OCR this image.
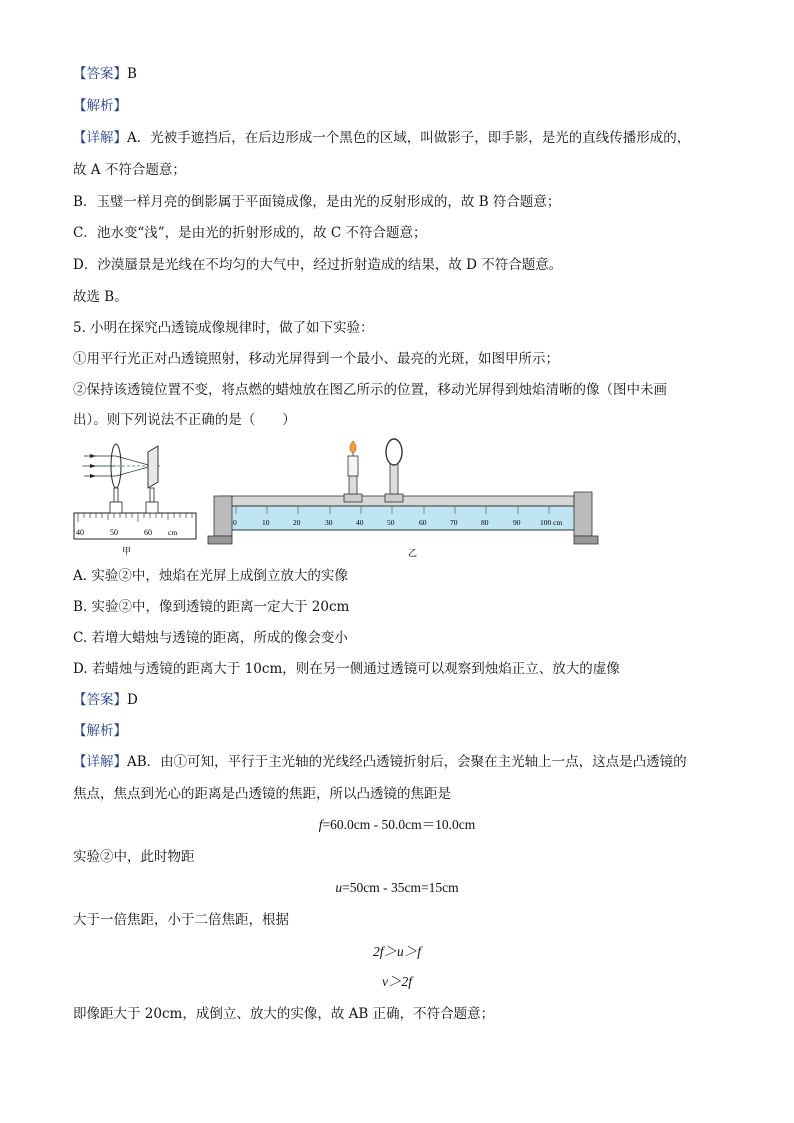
【答案】B
【解析】
【详解】A．光被手遮挡后，在后边形成一个黑色的区域，叫做影子，即手影，是光的直线传播形成的，
故 A 不符合题意；
B．玉璧一样月亮的倒影属于平面镜成像，是由光的反射形成的，故 B 符合题意；
C．池水变“浅”，是由光的折射形成的，故 C 不符合题意；
D．沙漠蜃景是光线在不均匀的大气中，经过折射造成的结果，故 D 不符合题意。
故选 B。
5. 小明在探究凸透镜成像规律时，做了如下实验：
①用平行光正对凸透镜照射，移动光屏得到一个最小、最亮的光斑，如图甲所示；
②保持该透镜位置不变，将点燃的蜡烛放在图乙所示的位置，移动光屏得到烛焰清晰的像（图中未画
出）。则下列说法不正确的是（　　）
40	50	60 cm
甲
0	10	20	30	40	50	60	70	80	90	100 cm
乙
A. 实验②中，烛焰在光屏上成倒立放大的实像
B. 实验②中，像到透镜的距离一定大于 20cm
C. 若增大蜡烛与透镜的距离，所成的像会变小
D. 若蜡烛与透镜的距离大于 10cm，则在另一侧通过透镜可以观察到烛焰正立、放大的虚像
【答案】D
【解析】
【详解】AB．由①可知，平行于主光轴的光线经凸透镜折射后，会聚在主光轴上一点，这点是凸透镜的
焦点，焦点到光心的距离是凸透镜的焦距，所以凸透镜的焦距是
f=60.0cm - 50.0cm＝10.0cm
实验②中，此时物距
u=50cm - 35cm=15cm
大于一倍焦距，小于二倍焦距，根据
2f＞u＞f
v＞2f
即像距大于 20cm，成倒立、放大的实像，故 AB 正确，不符合题意；
